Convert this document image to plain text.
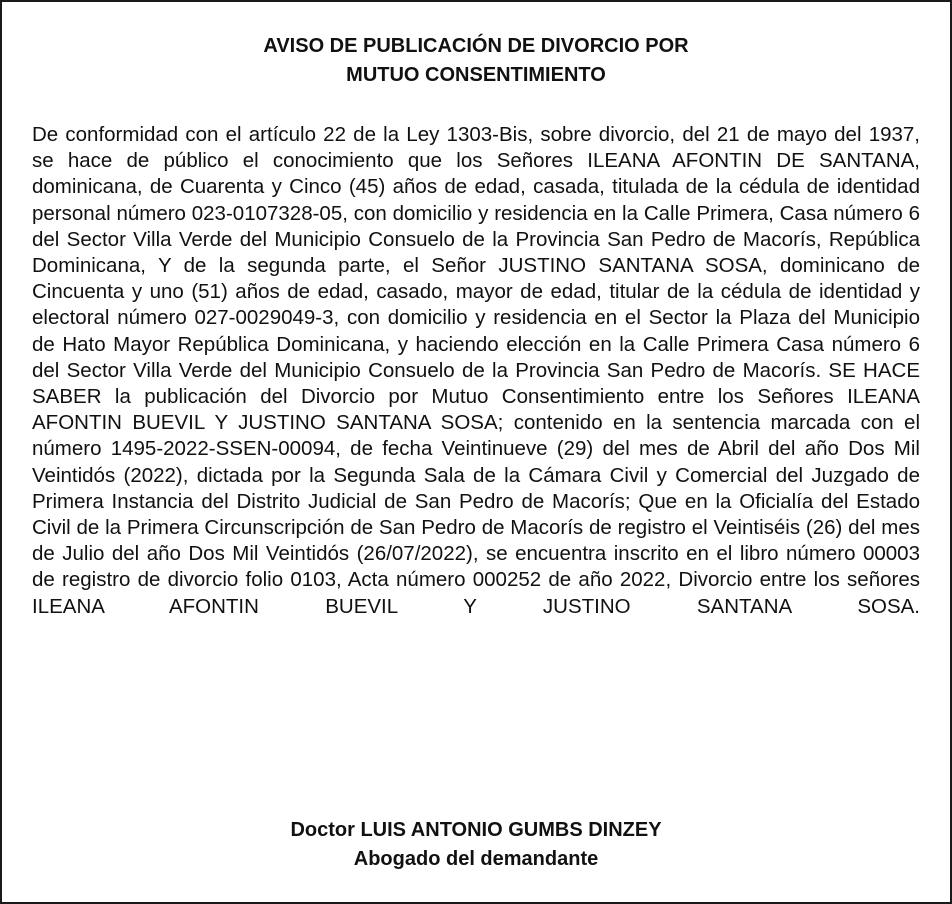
AVISO DE PUBLICACIÓN DE DIVORCIO POR
MUTUO CONSENTIMIENTO
De conformidad con el artículo 22 de la Ley 1303-Bis, sobre divorcio, del 21 de mayo del 1937, se hace de público el conocimiento que los Señores ILEANA AFONTIN DE SANTANA, dominicana, de Cuarenta y Cinco (45) años de edad, casada, titulada de la cédula de identidad personal número 023-0107328-05, con domicilio y residencia en la Calle Primera, Casa número 6 del Sector Villa Verde del Municipio Consuelo de la Provincia San Pedro de Macorís, República Dominicana, Y de la segunda parte, el Señor JUSTINO SANTANA SOSA, dominicano de Cincuenta y uno (51) años de edad, casado, mayor de edad, titular de la cédula de identidad y electoral número 027-0029049-3, con domicilio y residencia en el Sector la Plaza del Municipio de Hato Mayor República Dominicana, y haciendo elección en la Calle Primera Casa número 6 del Sector Villa Verde del Municipio Consuelo de la Provincia San Pedro de Macorís. SE HACE SABER la publicación del Divorcio por Mutuo Consentimiento entre los Señores ILEANA AFONTIN BUEVIL Y JUSTINO SANTANA SOSA; contenido en la sentencia marcada con el número 1495-2022-SSEN-00094, de fecha Veintinueve (29) del mes de Abril del año Dos Mil Veintidós (2022), dictada por la Segunda Sala de la Cámara Civil y Comercial del Juzgado de Primera Instancia del Distrito Judicial de San Pedro de Macorís; Que en la Oficialía del Estado Civil de la Primera Circunscripción de San Pedro de Macorís de registro el Veintiséis (26) del mes de Julio del año Dos Mil Veintidós (26/07/2022), se encuentra inscrito en el libro número 00003 de registro de divorcio folio 0103, Acta número 000252 de año 2022, Divorcio entre los señores ILEANA AFONTIN BUEVIL Y JUSTINO SANTANA SOSA.
Doctor LUIS ANTONIO GUMBS DINZEY
Abogado del demandante
